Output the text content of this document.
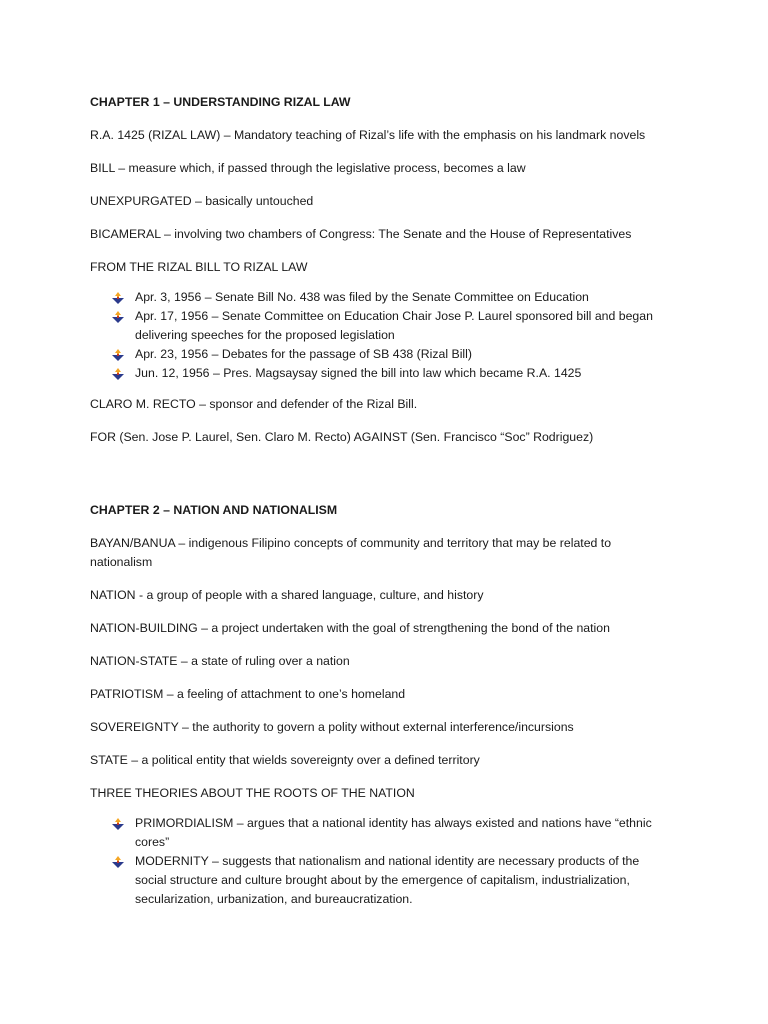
CHAPTER 1 – UNDERSTANDING RIZAL LAW

R.A. 1425 (RIZAL LAW) – Mandatory teaching of Rizal’s life with the emphasis on his landmark novels

BILL – measure which, if passed through the legislative process, becomes a law

UNEXPURGATED – basically untouched

BICAMERAL – involving two chambers of Congress: The Senate and the House of Representatives

FROM THE RIZAL BILL TO RIZAL LAW

Apr. 3, 1956 – Senate Bill No. 438 was filed by the Senate Committee on Education
Apr. 17, 1956 – Senate Committee on Education Chair Jose P. Laurel sponsored bill and began delivering speeches for the proposed legislation
Apr. 23, 1956 – Debates for the passage of SB 438 (Rizal Bill)
Jun. 12, 1956 – Pres. Magsaysay signed the bill into law which became R.A. 1425

CLARO M. RECTO – sponsor and defender of the Rizal Bill.

FOR (Sen. Jose P. Laurel, Sen. Claro M. Recto) AGAINST (Sen. Francisco “Soc” Rodriguez)

CHAPTER 2 – NATION AND NATIONALISM

BAYAN/BANUA – indigenous Filipino concepts of community and territory that may be related to nationalism

NATION - a group of people with a shared language, culture, and history

NATION-BUILDING – a project undertaken with the goal of strengthening the bond of the nation

NATION-STATE – a state of ruling over a nation

PATRIOTISM – a feeling of attachment to one’s homeland

SOVEREIGNTY – the authority to govern a polity without external interference/incursions

STATE – a political entity that wields sovereignty over a defined territory

THREE THEORIES ABOUT THE ROOTS OF THE NATION

PRIMORDIALISM – argues that a national identity has always existed and nations have “ethnic cores”
MODERNITY – suggests that nationalism and national identity are necessary products of the social structure and culture brought about by the emergence of capitalism, industrialization, secularization, urbanization, and bureaucratization.
